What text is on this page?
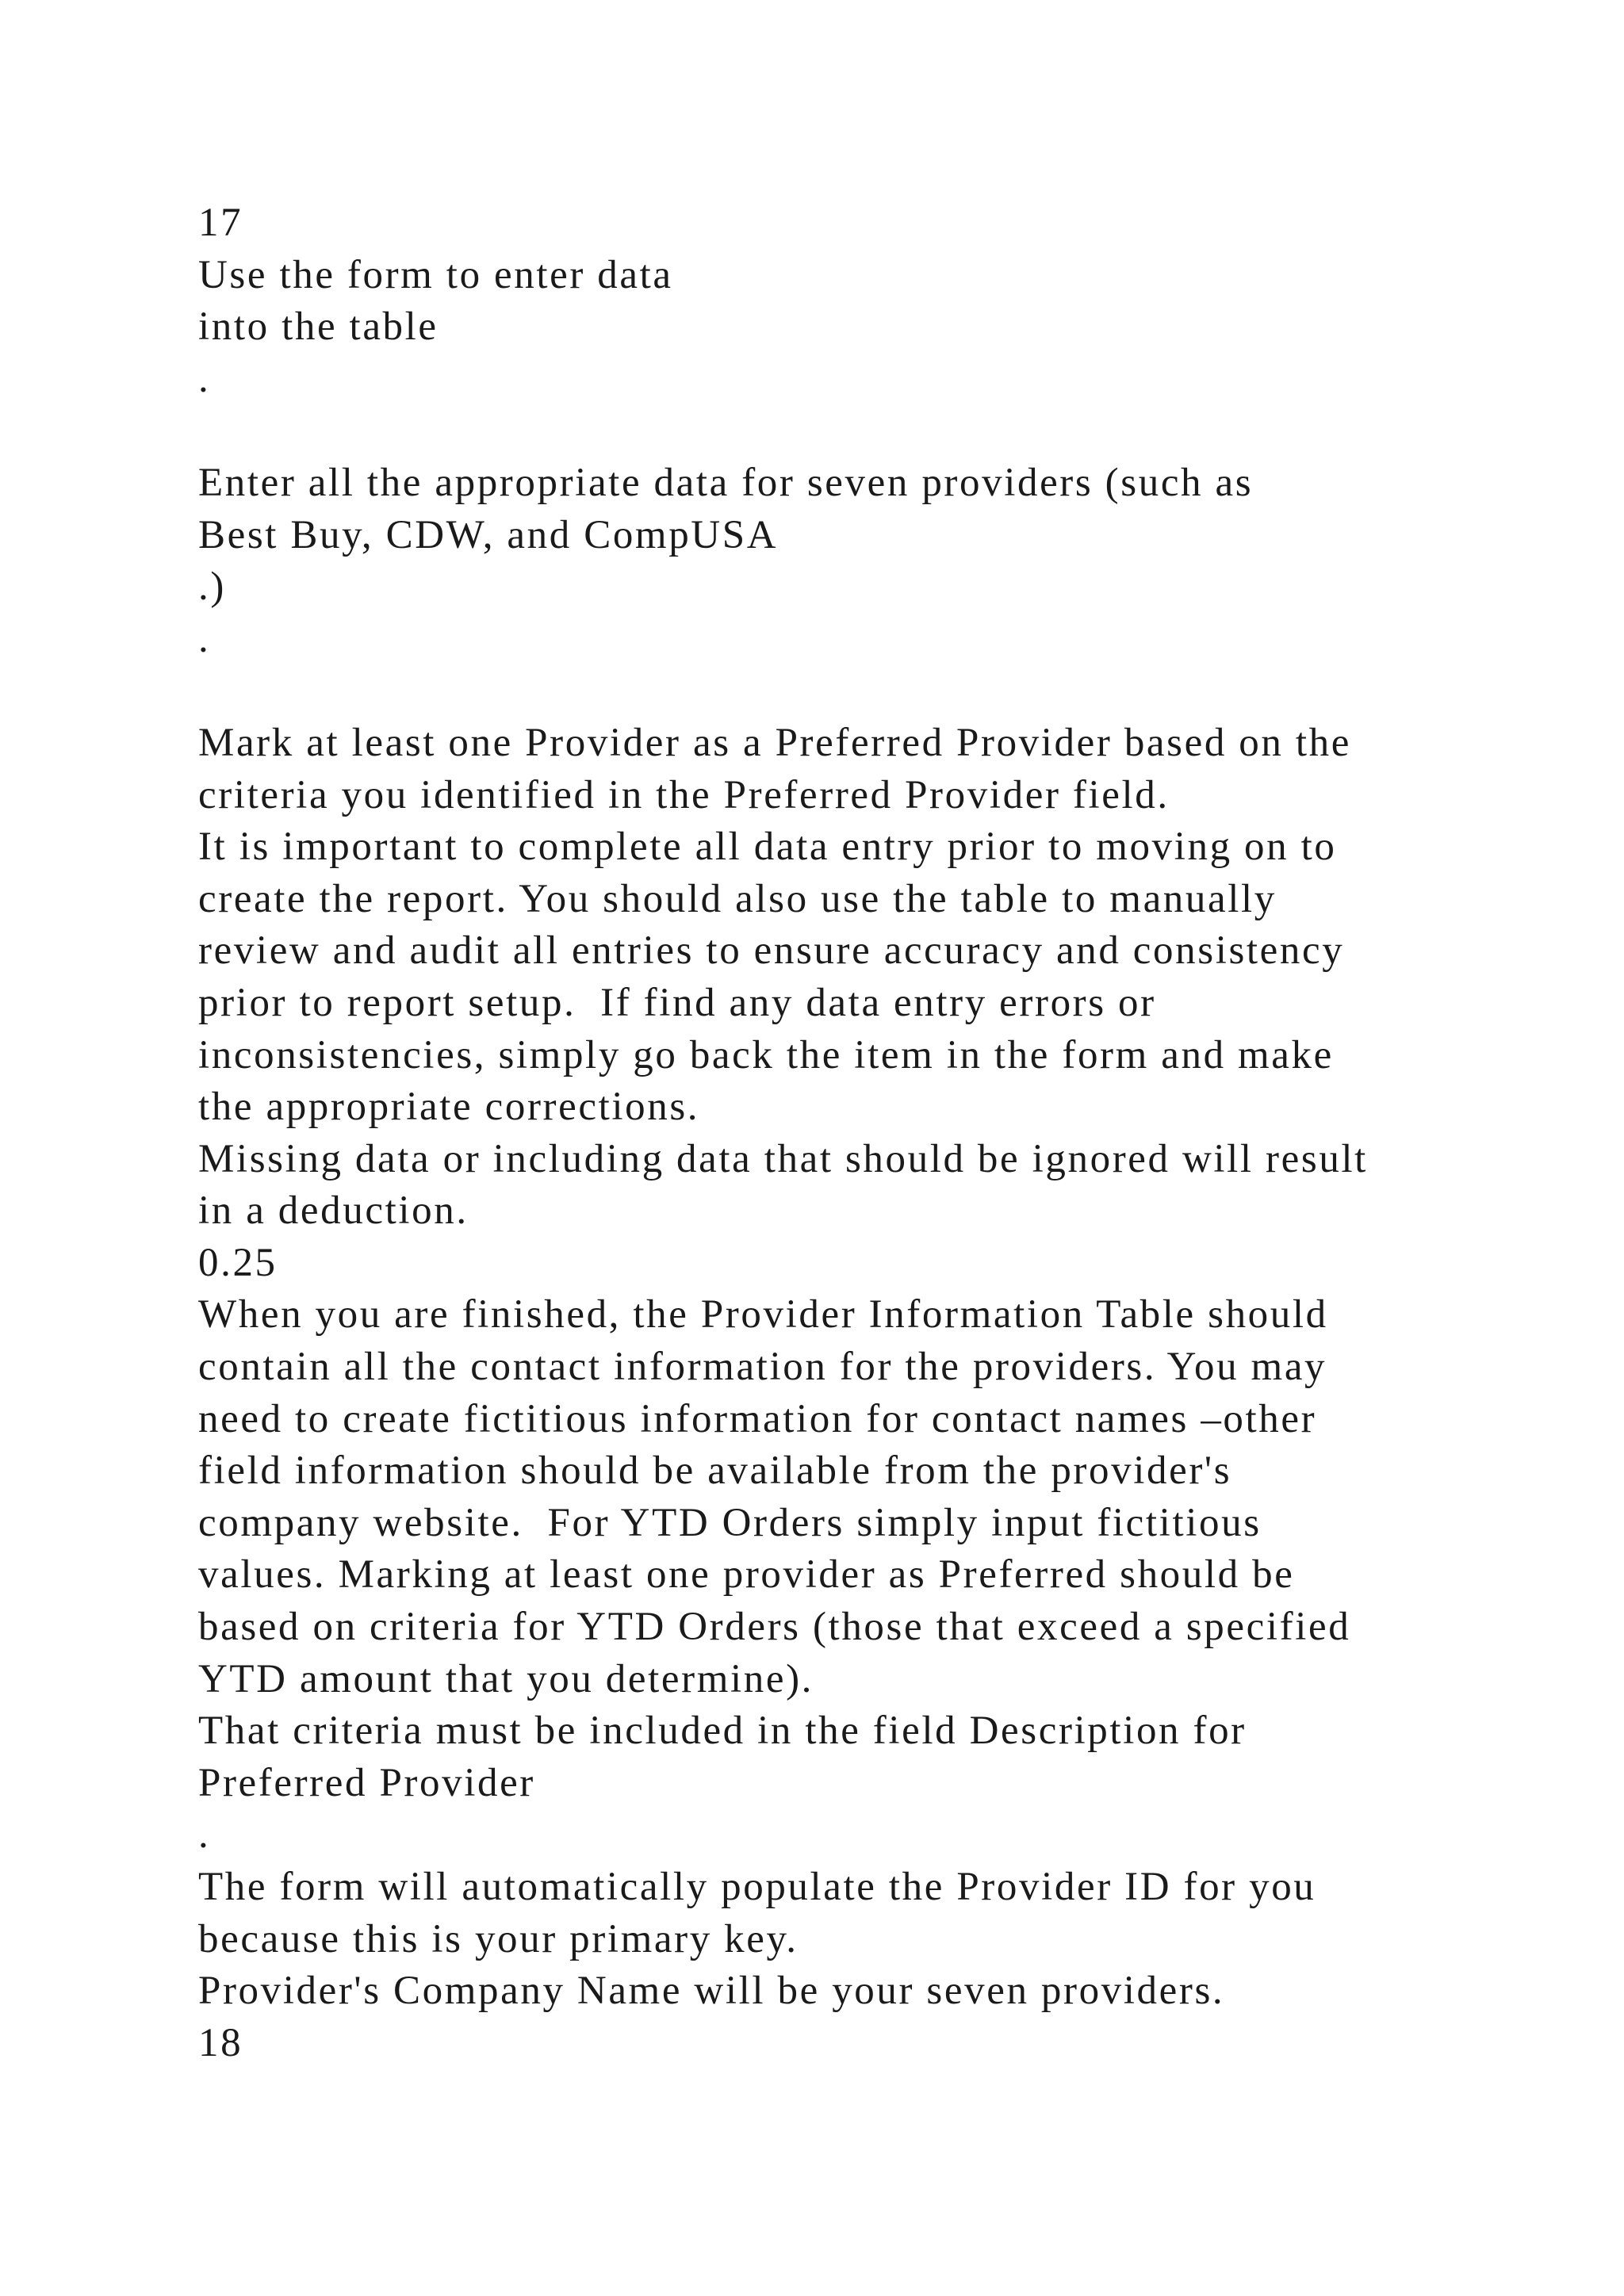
17
Use the form to enter data
into the table
.
Enter all the appropriate data for seven providers (such as
Best Buy, CDW, and CompUSA
.)
.
Mark at least one Provider as a Preferred Provider based on the
criteria you identified in the Preferred Provider field.
It is important to complete all data entry prior to moving on to
create the report. You should also use the table to manually
review and audit all entries to ensure accuracy and consistency
prior to report setup.  If find any data entry errors or
inconsistencies, simply go back the item in the form and make
the appropriate corrections.
Missing data or including data that should be ignored will result
in a deduction.
0.25
When you are finished, the Provider Information Table should
contain all the contact information for the providers. You may
need to create fictitious information for contact names –other
field information should be available from the provider's
company website.  For YTD Orders simply input fictitious
values. Marking at least one provider as Preferred should be
based on criteria for YTD Orders (those that exceed a specified
YTD amount that you determine).
That criteria must be included in the field Description for
Preferred Provider
.
The form will automatically populate the Provider ID for you
because this is your primary key.
Provider's Company Name will be your seven providers.
18
